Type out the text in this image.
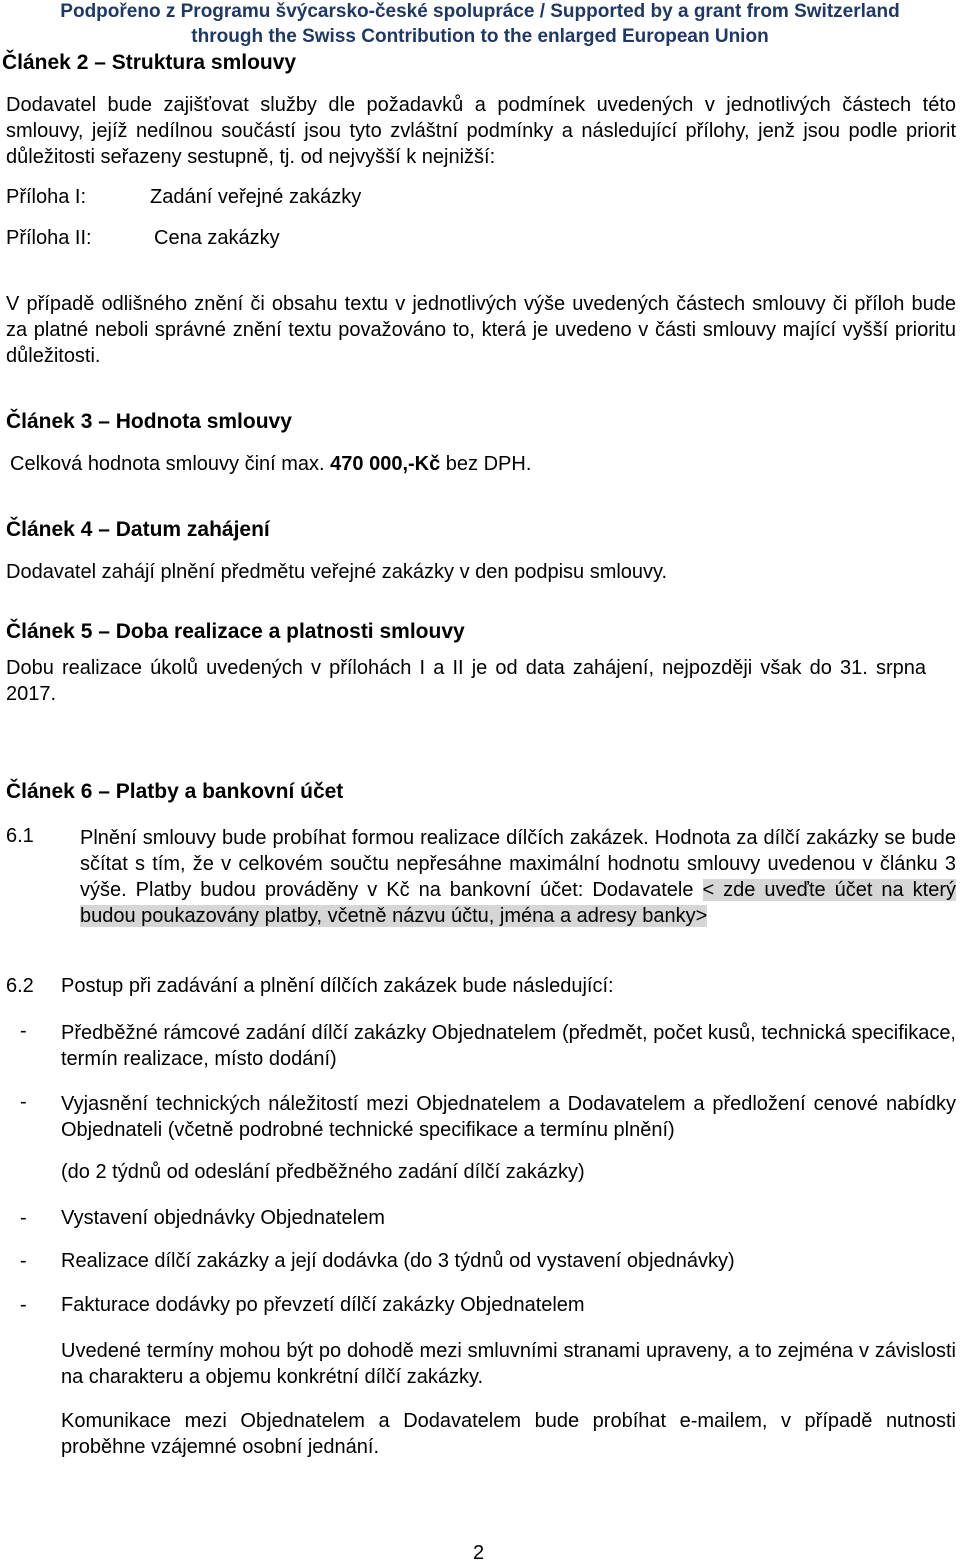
Podpořeno z Programu švýcarsko-české spolupráce / Supported by a grant from Switzerland
through the Swiss Contribution to the enlarged European Union
Článek 2 – Struktura smlouvy
Dodavatel bude zajišťovat služby dle požadavků a podmínek uvedených v jednotlivých částech této smlouvy, jejíž nedílnou součástí jsou tyto zvláštní podmínky a následující přílohy, jenž jsou podle priorit důležitosti seřazeny sestupně, tj. od nejvyšší k nejnižší:
Příloha I:	Zadání veřejné zakázky
Příloha II:	Cena zakázky
V případě odlišného znění či obsahu textu v jednotlivých výše uvedených částech smlouvy či příloh bude za platné neboli správné znění textu považováno to, která je uvedeno v části smlouvy mající vyšší prioritu důležitosti.
Článek 3 – Hodnota smlouvy
Celková hodnota smlouvy činí max. 470 000,-Kč bez DPH.
Článek 4 – Datum zahájení
Dodavatel zahájí plnění předmětu veřejné zakázky v den podpisu smlouvy.
Článek 5 – Doba realizace a platnosti smlouvy
Dobu realizace úkolů uvedených v přílohách I a II je od data zahájení, nejpozději však do 31. srpna 2017.
Článek 6 – Platby a bankovní účet
6.1 Plnění smlouvy bude probíhat formou realizace dílčích zakázek. Hodnota za dílčí zakázky se bude sčítat s tím, že v celkovém součtu nepřesáhne maximální hodnotu smlouvy uvedenou v článku 3 výše. Platby budou prováděny v Kč na bankovní účet: Dodavatele < zde uveďte účet na který budou poukazovány platby, včetně názvu účtu, jména a adresy banky>
6.2 Postup při zadávání a plnění dílčích zakázek bude následující:
- Předběžné rámcové zadání dílčí zakázky Objednatelem (předmět, počet kusů, technická specifikace, termín realizace, místo dodání)
- Vyjasnění technických náležitostí mezi Objednatelem a Dodavatelem a předložení cenové nabídky Objednateli (včetně podrobné technické specifikace a termínu plnění)
(do 2 týdnů od odeslání předběžného zadání dílčí zakázky)
- Vystavení objednávky Objednatelem
- Realizace dílčí zakázky a její dodávka (do 3 týdnů od vystavení objednávky)
- Fakturace dodávky po převzetí dílčí zakázky Objednatelem
Uvedené termíny mohou být po dohodě mezi smluvními stranami upraveny, a to zejména v závislosti na charakteru a objemu konkrétní dílčí zakázky.
Komunikace mezi Objednatelem a Dodavatelem bude probíhat e-mailem, v případě nutnosti proběhne vzájemné osobní jednání.
2
